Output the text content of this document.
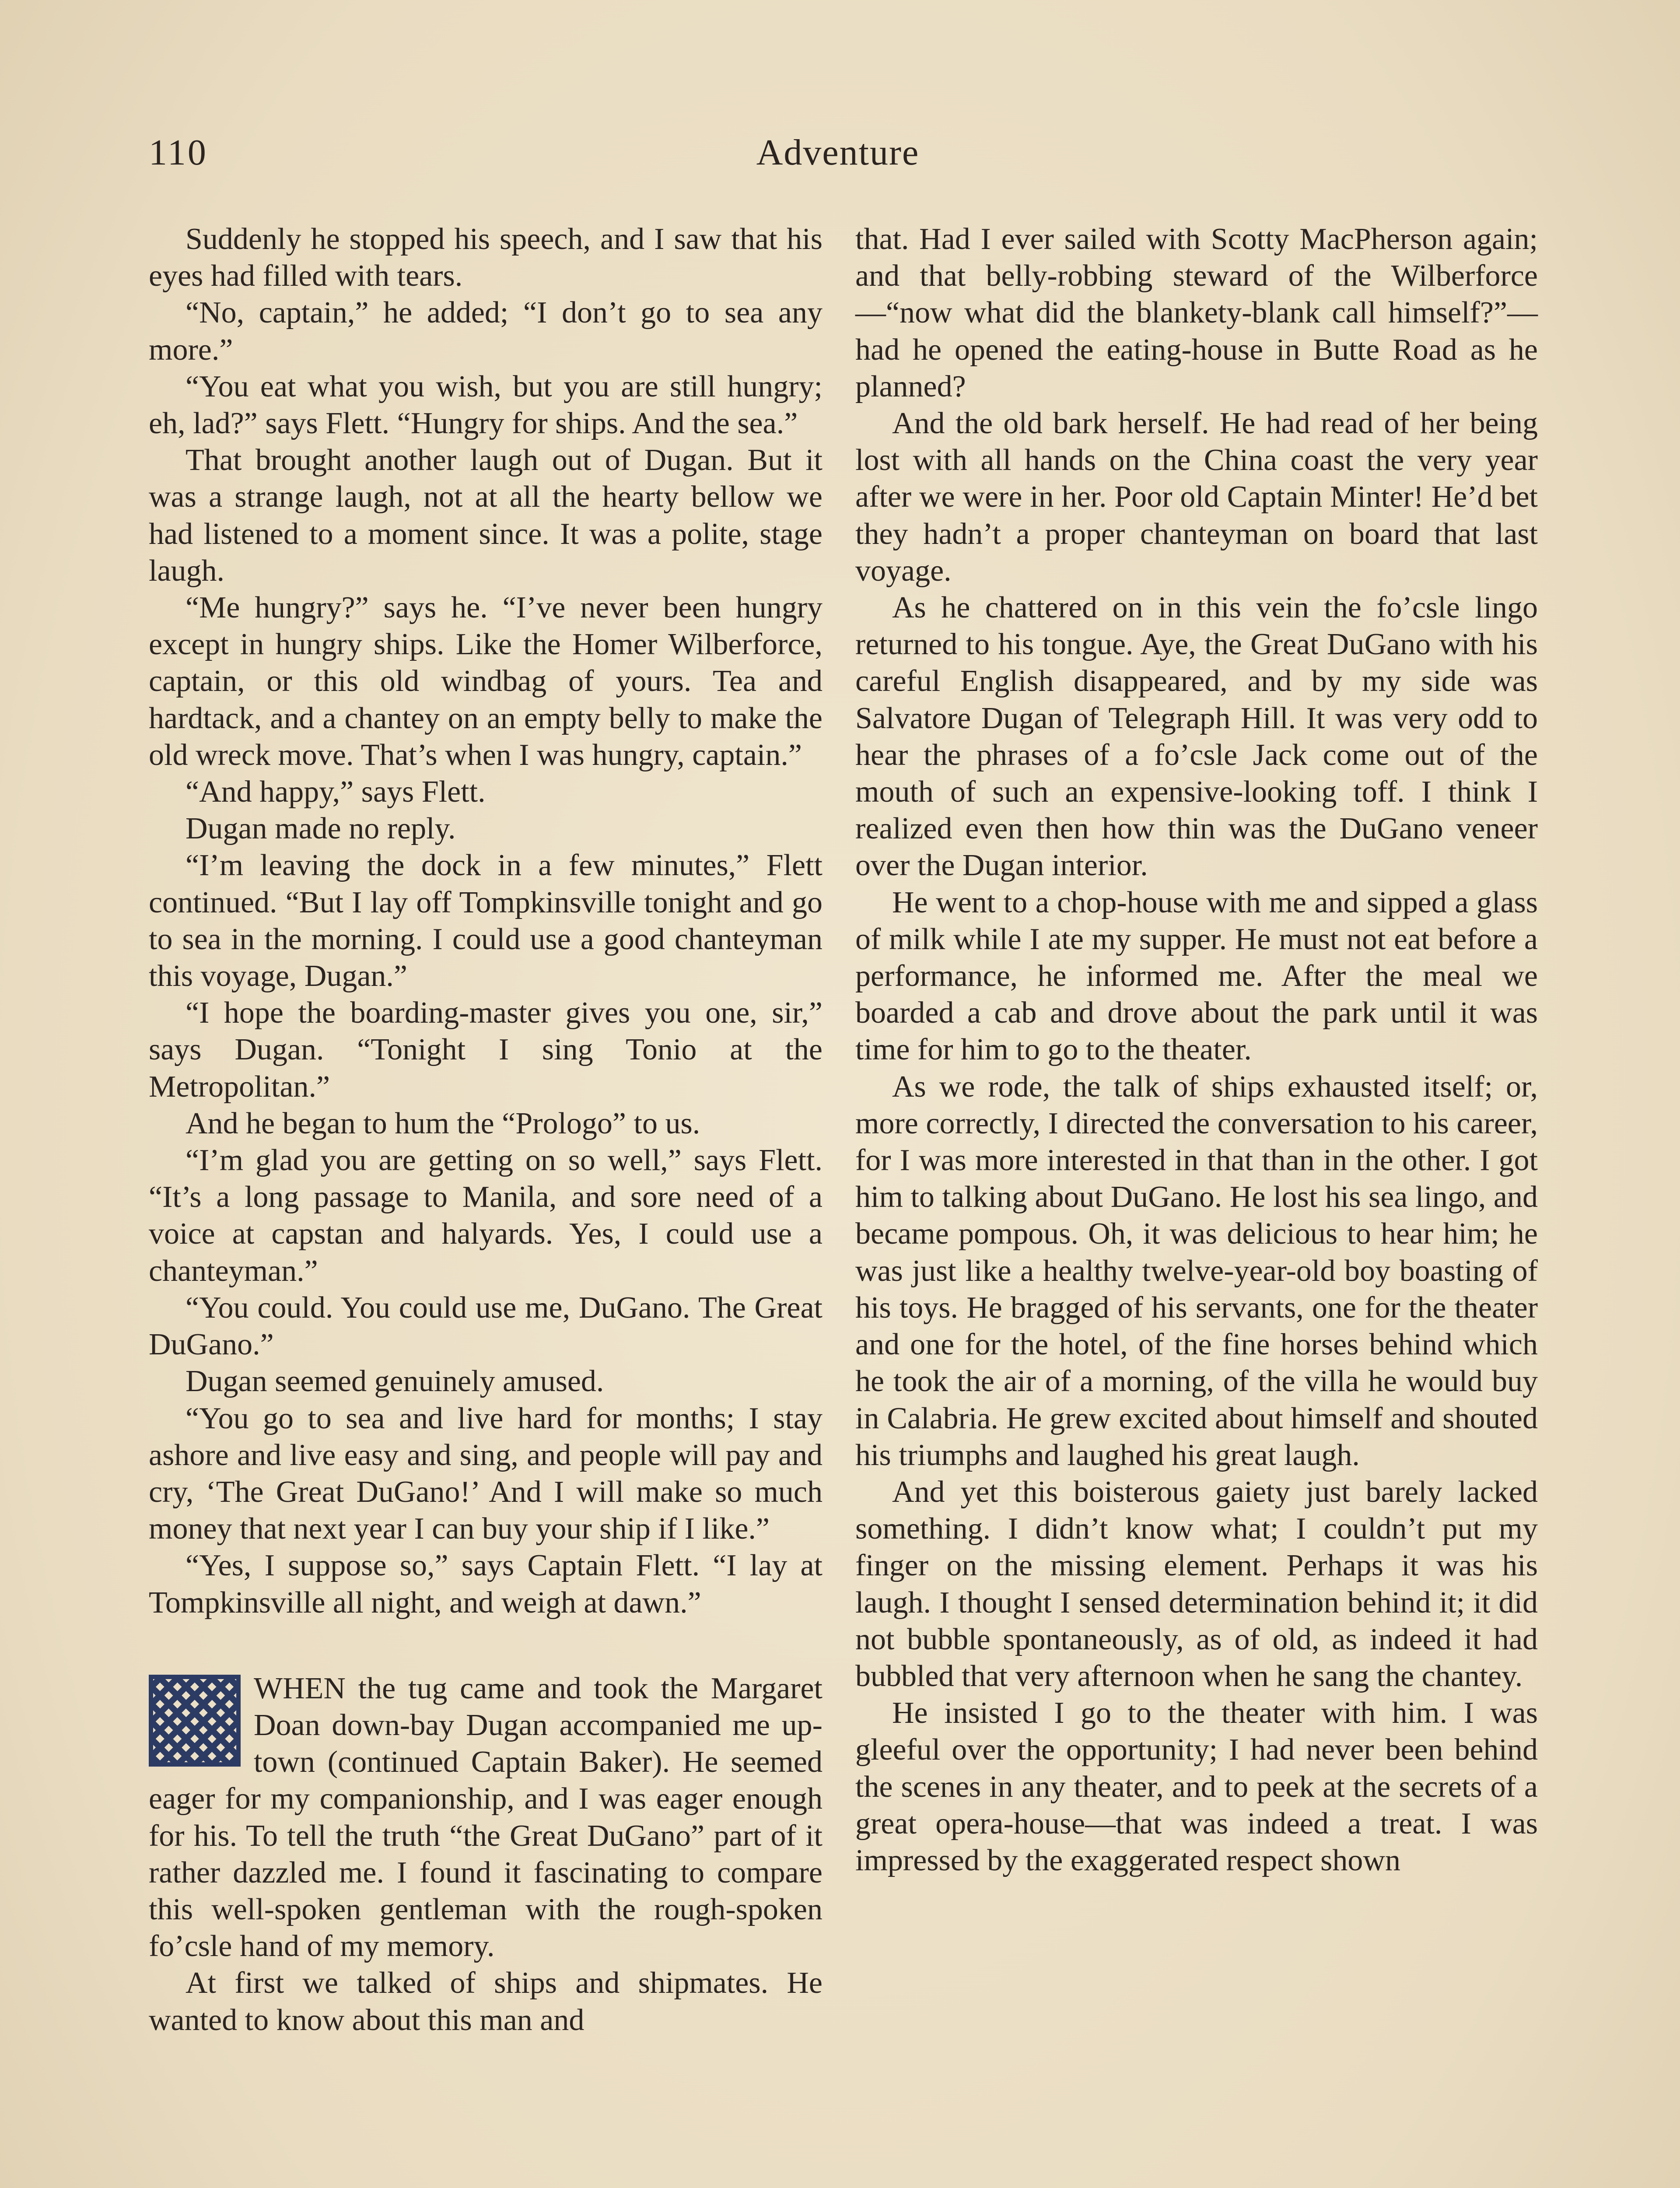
110	Adventure

Suddenly he stopped his speech, and I saw that his eyes had filled with tears.

“No, captain,” he added; “I don’t go to sea any more.”

“You eat what you wish, but you are still hungry; eh, lad?” says Flett. “Hungry for ships. And the sea.”

That brought another laugh out of Dugan. But it was a strange laugh, not at all the hearty bellow we had listened to a moment since. It was a polite, stage laugh.

“Me hungry?” says he. “I’ve never been hungry except in hungry ships. Like the Homer Wilberforce, captain, or this old windbag of yours. Tea and hardtack, and a chantey on an empty belly to make the old wreck move. That’s when I was hungry, captain.”

“And happy,” says Flett.

Dugan made no reply.

“I’m leaving the dock in a few minutes,” Flett continued. “But I lay off Tompkinsville tonight and go to sea in the morning. I could use a good chanteyman this voyage, Dugan.”

“I hope the boarding-master gives you one, sir,” says Dugan. “Tonight I sing Tonio at the Metropolitan.”

And he began to hum the “Prologo” to us.

“I’m glad you are getting on so well,” says Flett. “It’s a long passage to Manila, and sore need of a voice at capstan and halyards. Yes, I could use a chanteyman.”

“You could. You could use me, DuGano. The Great DuGano.”

Dugan seemed genuinely amused.

“You go to sea and live hard for months; I stay ashore and live easy and sing, and people will pay and cry, ‘The Great DuGano!’ And I will make so much money that next year I can buy your ship if I like.”

“Yes, I suppose so,” says Captain Flett. “I lay at Tompkinsville all night, and weigh at dawn.”

WHEN the tug came and took the Margaret Doan down-bay Dugan accompanied me up-town (continued Captain Baker). He seemed eager for my companionship, and I was eager enough for his. To tell the truth “the Great DuGano” part of it rather dazzled me. I found it fascinating to compare this well-spoken gentleman with the rough-spoken fo’csle hand of my memory.

At first we talked of ships and shipmates. He wanted to know about this man and

that. Had I ever sailed with Scotty MacPherson again; and that belly-robbing steward of the Wilberforce—“now what did the blankety-blank call himself?”—had he opened the eating-house in Butte Road as he planned?

And the old bark herself. He had read of her being lost with all hands on the China coast the very year after we were in her. Poor old Captain Minter! He’d bet they hadn’t a proper chanteyman on board that last voyage.

As he chattered on in this vein the fo’csle lingo returned to his tongue. Aye, the Great DuGano with his careful English disappeared, and by my side was Salvatore Dugan of Telegraph Hill. It was very odd to hear the phrases of a fo’csle Jack come out of the mouth of such an expensive-looking toff. I think I realized even then how thin was the DuGano veneer over the Dugan interior.

He went to a chop-house with me and sipped a glass of milk while I ate my supper. He must not eat before a performance, he informed me. After the meal we boarded a cab and drove about the park until it was time for him to go to the theater.

As we rode, the talk of ships exhausted itself; or, more correctly, I directed the conversation to his career, for I was more interested in that than in the other. I got him to talking about DuGano. He lost his sea lingo, and became pompous. Oh, it was delicious to hear him; he was just like a healthy twelve-year-old boy boasting of his toys. He bragged of his servants, one for the theater and one for the hotel, of the fine horses behind which he took the air of a morning, of the villa he would buy in Calabria. He grew excited about himself and shouted his triumphs and laughed his great laugh.

And yet this boisterous gaiety just barely lacked something. I didn’t know what; I couldn’t put my finger on the missing element. Perhaps it was his laugh. I thought I sensed determination behind it; it did not bubble spontaneously, as of old, as indeed it had bubbled that very afternoon when he sang the chantey.

He insisted I go to the theater with him. I was gleeful over the opportunity; I had never been behind the scenes in any theater, and to peek at the secrets of a great opera-house—that was indeed a treat. I was impressed by the exaggerated respect shown
